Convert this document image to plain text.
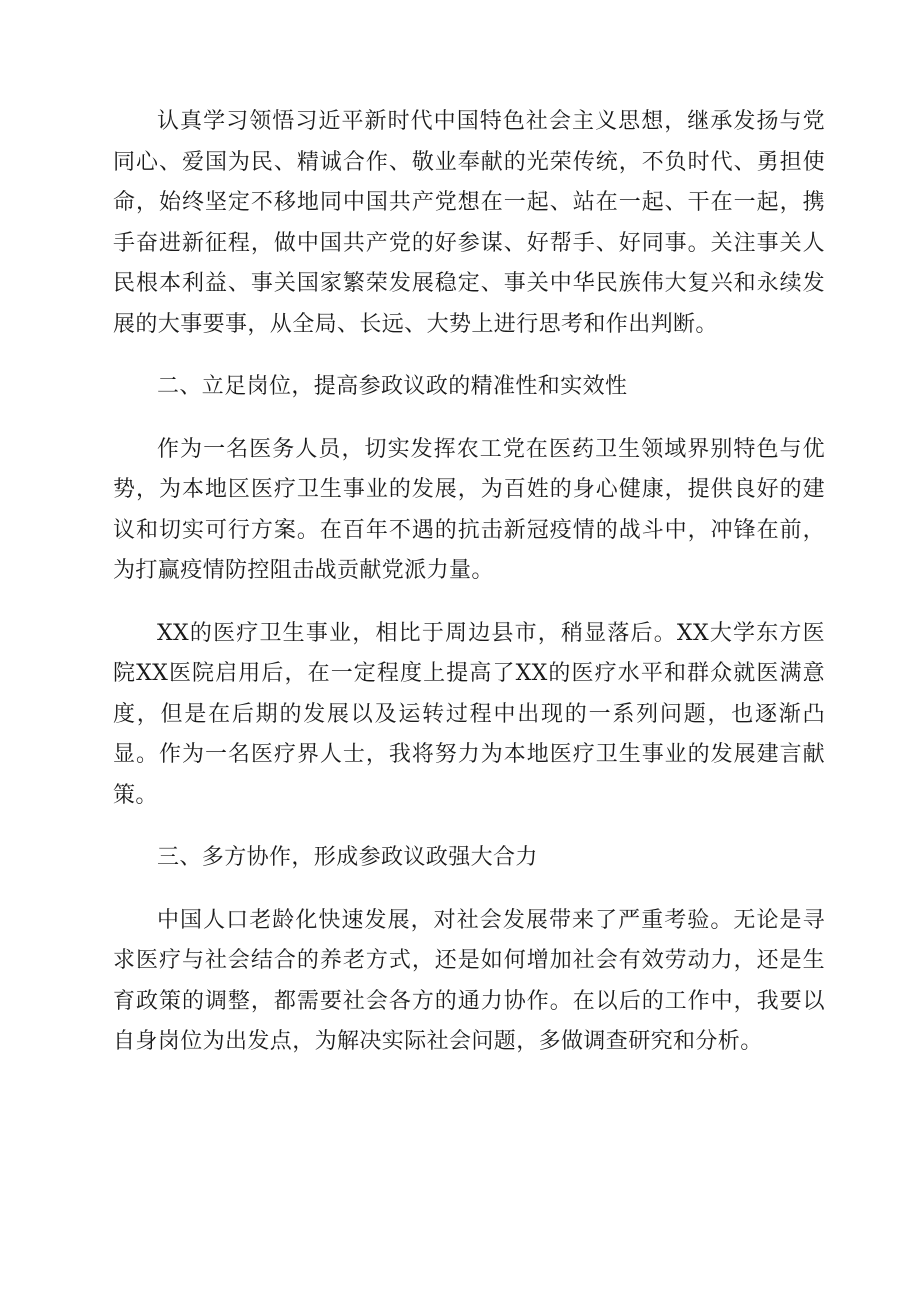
认真学习领悟习近平新时代中国特色社会主义思想，继承发扬与党同心、爱国为民、精诚合作、敬业奉献的光荣传统，不负时代、勇担使命，始终坚定不移地同中国共产党想在一起、站在一起、干在一起，携手奋进新征程，做中国共产党的好参谋、好帮手、好同事。关注事关人民根本利益、事关国家繁荣发展稳定、事关中华民族伟大复兴和永续发展的大事要事，从全局、长远、大势上进行思考和作出判断。

二、立足岗位，提高参政议政的精准性和实效性

作为一名医务人员，切实发挥农工党在医药卫生领域界别特色与优势，为本地区医疗卫生事业的发展，为百姓的身心健康，提供良好的建议和切实可行方案。在百年不遇的抗击新冠疫情的战斗中，冲锋在前，为打赢疫情防控阻击战贡献党派力量。

XX的医疗卫生事业，相比于周边县市，稍显落后。XX大学东方医院XX医院启用后，在一定程度上提高了XX的医疗水平和群众就医满意度，但是在后期的发展以及运转过程中出现的一系列问题，也逐渐凸显。作为一名医疗界人士，我将努力为本地医疗卫生事业的发展建言献策。

三、多方协作，形成参政议政强大合力

中国人口老龄化快速发展，对社会发展带来了严重考验。无论是寻求医疗与社会结合的养老方式，还是如何增加社会有效劳动力，还是生育政策的调整，都需要社会各方的通力协作。在以后的工作中，我要以自身岗位为出发点，为解决实际社会问题，多做调查研究和分析。
